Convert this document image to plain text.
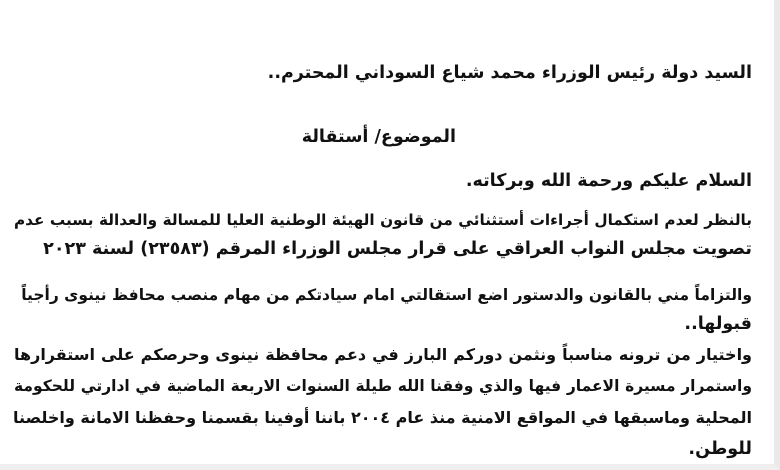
السيد دولة رئيس الوزراء محمد شياع السوداني المحترم..
الموضوع/ أستقالة
السلام عليكم ورحمة الله وبركاته.
بالنظر لعدم استكمال أجراءات أستثنائي من قانون الهيئة الوطنية العليا للمسالة والعدالة بسبب عدم
تصويت مجلس النواب العراقي على قرار مجلس الوزراء المرقم (٢٣٥٨٣) لسنة ٢٠٢٣
والتزاماً مني بالقانون والدستور اضع استقالتي امام سيادتكم من مهام منصب محافظ نينوى رأجياً
قبولها..
واختيار من ترونه مناسباً ونثمن دوركم البارز في دعم محافظة نينوى وحرصكم على استقرارها
واستمرار مسيرة الاعمار فيها والذي وفقنا الله طيلة السنوات الاربعة الماضية في ادارتي للحكومة
المحلية وماسبقها في المواقع الامنية منذ عام ٢٠٠٤ باننا أوفينا بقسمنا وحفظنا الامانة واخلصنا
للوطن.
